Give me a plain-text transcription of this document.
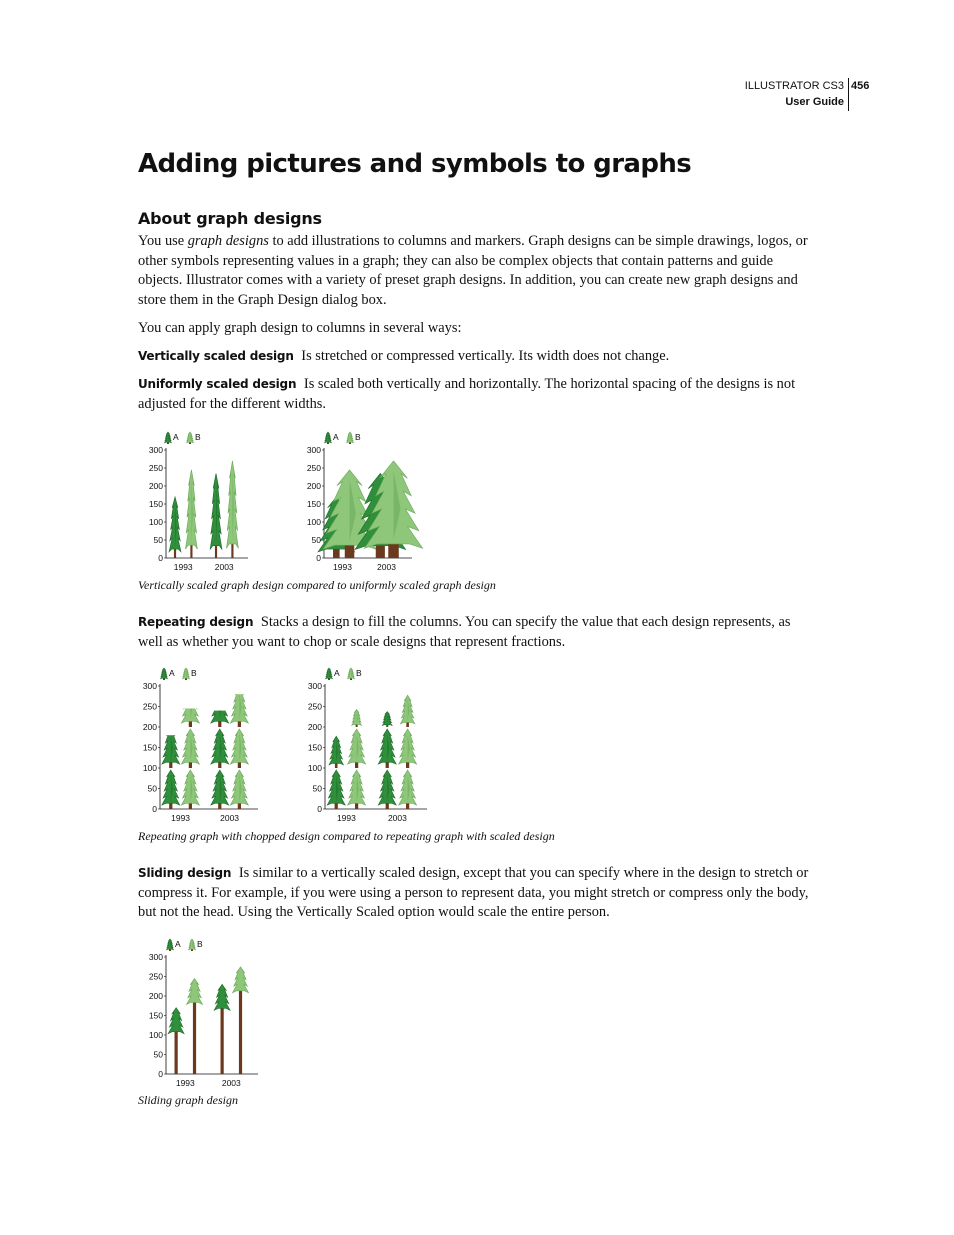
ILLUSTRATOR CS3
User Guide
456
Adding pictures and symbols to graphs
About graph designs

You use graph designs to add illustrations to columns and markers. Graph designs can be simple drawings, logos, or other symbols representing values in a graph; they can also be complex objects that contain patterns and guide objects. Illustrator comes with a variety of preset graph designs. In addition, you can create new graph designs and store them in the Graph Design dialog box.

You can apply graph design to columns in several ways:

Vertically scaled design Is stretched or compressed vertically. Its width does not change.

Uniformly scaled design Is scaled both vertically and horizontally. The horizontal spacing of the designs is not adjusted for the different widths.

A B
0
50
100
150
200
250
300
1993	2003
A B
0
50
100
150
200
250
300
1993	2003

Vertically scaled graph design compared to uniformly scaled graph design

Repeating design Stacks a design to fill the columns. You can specify the value that each design represents, as well as whether you want to chop or scale designs that represent fractions.

A B
0
50
100
150
200
250
300
1993	2003
A B
0
50
100
150
200
250
300
1993	2003

Repeating graph with chopped design compared to repeating graph with scaled design

Sliding design Is similar to a vertically scaled design, except that you can specify where in the design to stretch or compress it. For example, if you were using a person to represent data, you might stretch or compress only the body, but not the head. Using the Vertically Scaled option would scale the entire person.

A B
0
50
100
150
200
250
300
1993	2003

Sliding graph design
